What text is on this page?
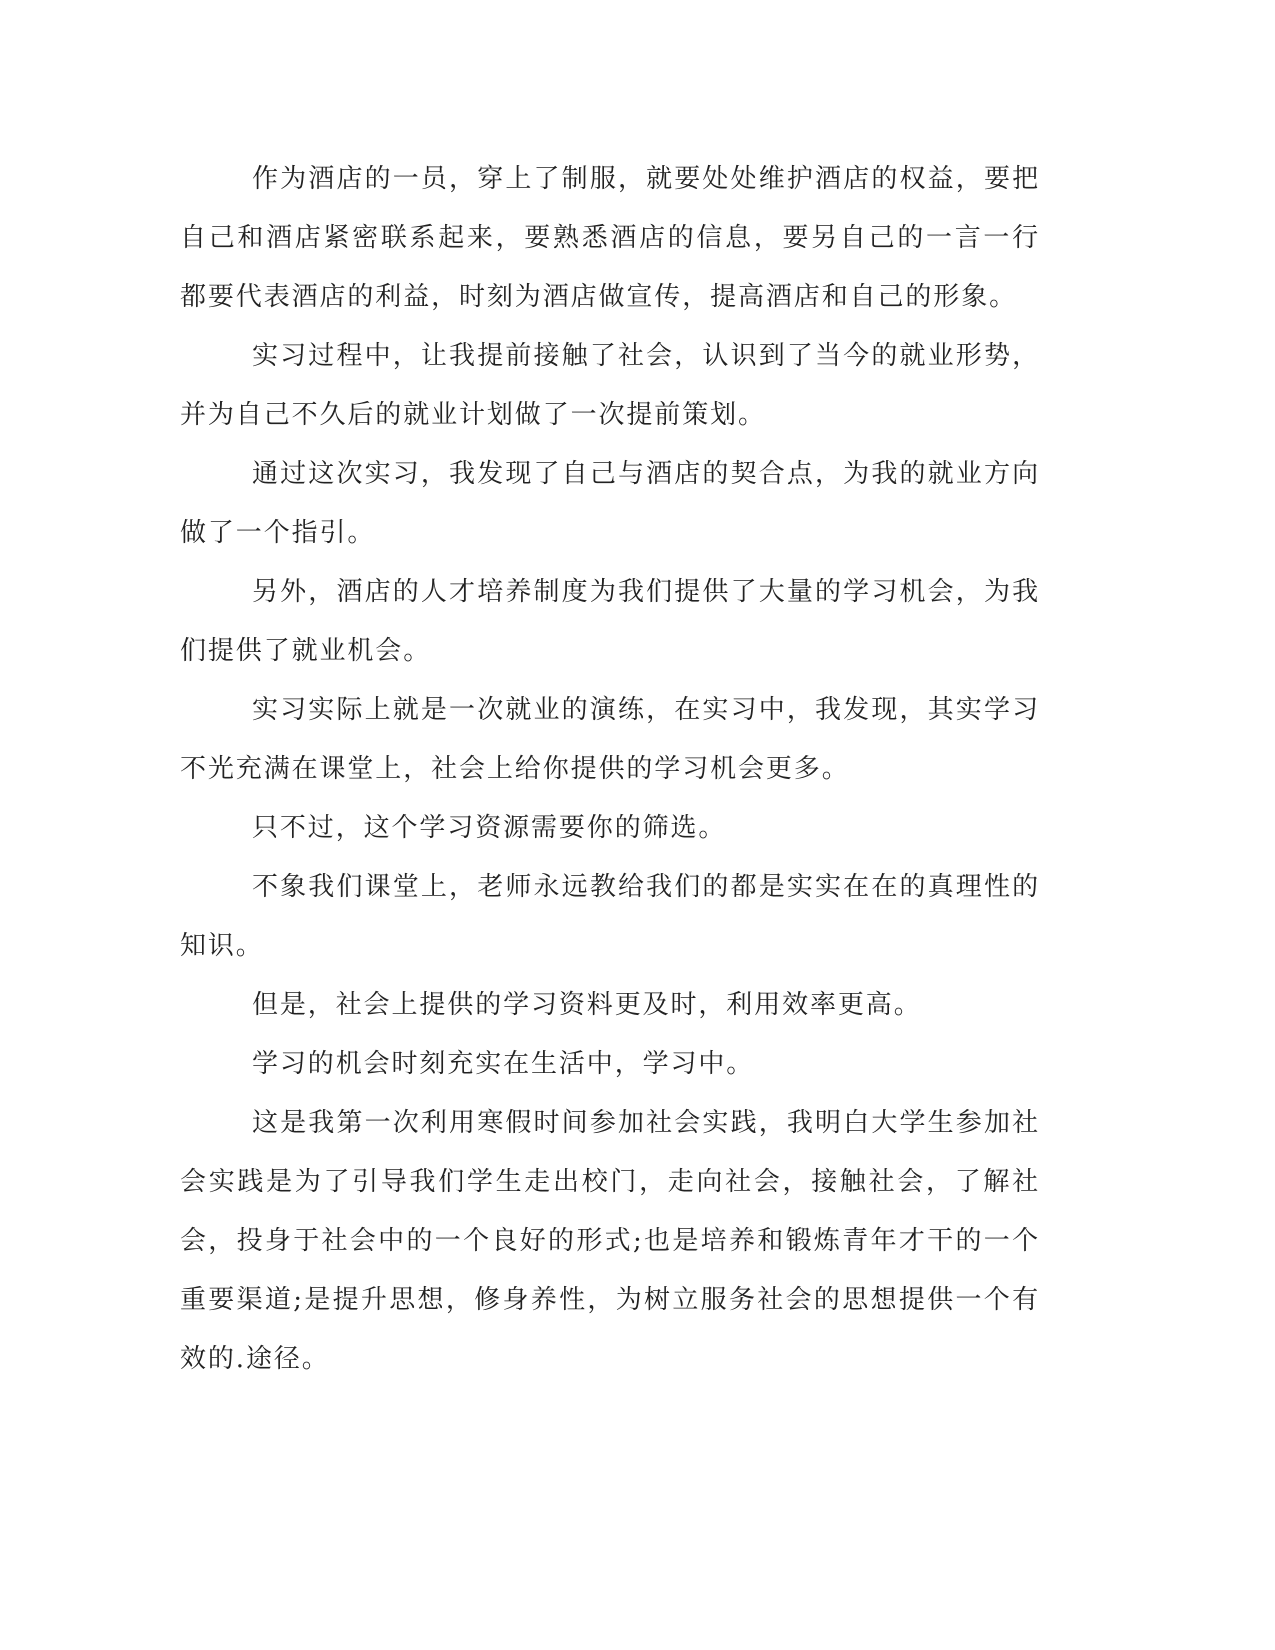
作为酒店的一员，穿上了制服，就要处处维护酒店的权益，要把自己和酒店紧密联系起来，要熟悉酒店的信息，要另自己的一言一行都要代表酒店的利益，时刻为酒店做宣传，提高酒店和自己的形象。

实习过程中，让我提前接触了社会，认识到了当今的就业形势，并为自己不久后的就业计划做了一次提前策划。

通过这次实习，我发现了自己与酒店的契合点，为我的就业方向做了一个指引。

另外，酒店的人才培养制度为我们提供了大量的学习机会，为我们提供了就业机会。

实习实际上就是一次就业的演练，在实习中，我发现，其实学习不光充满在课堂上，社会上给你提供的学习机会更多。

只不过，这个学习资源需要你的筛选。

不象我们课堂上，老师永远教给我们的都是实实在在的真理性的知识。

但是，社会上提供的学习资料更及时，利用效率更高。

学习的机会时刻充实在生活中，学习中。

这是我第一次利用寒假时间参加社会实践，我明白大学生参加社会实践是为了引导我们学生走出校门，走向社会，接触社会，了解社会，投身于社会中的一个良好的形式;也是培养和锻炼青年才干的一个重要渠道;是提升思想，修身养性，为树立服务社会的思想提供一个有效的.途径。
